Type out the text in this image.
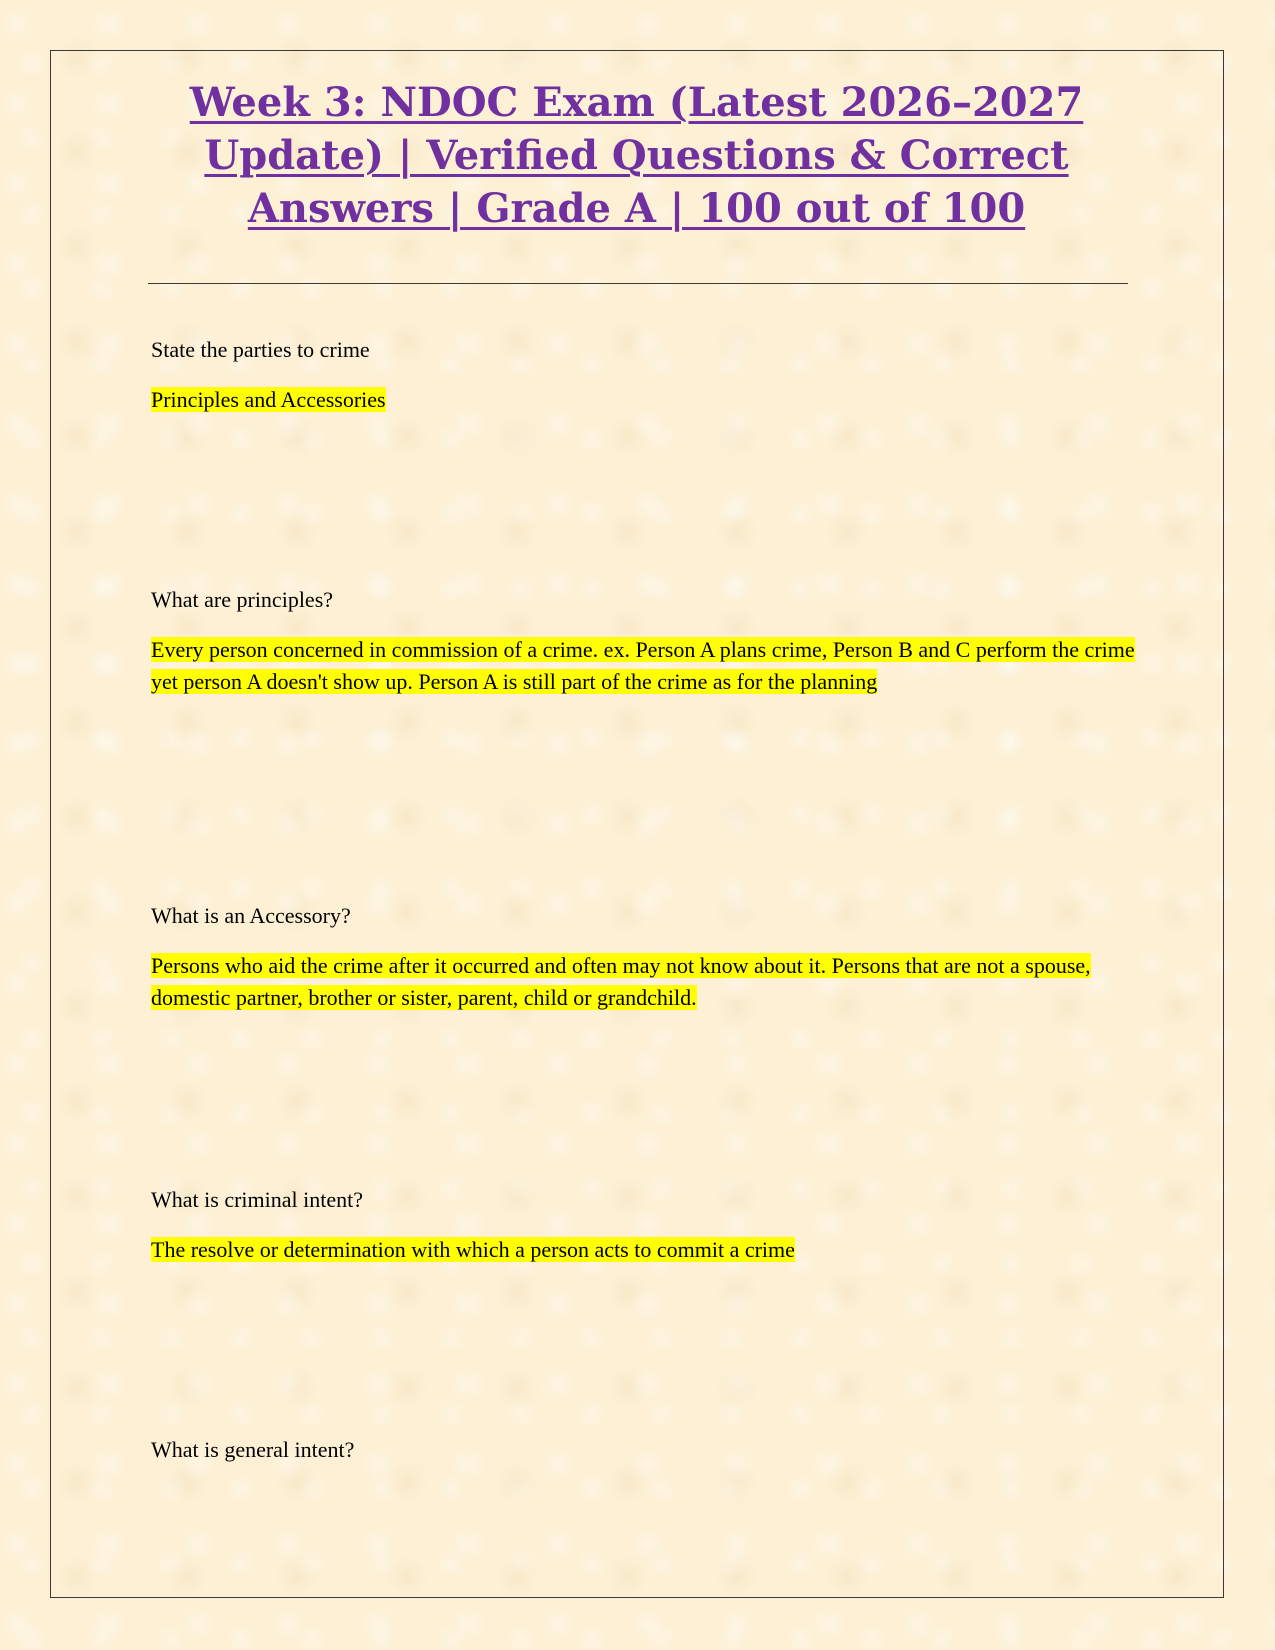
Week 3: NDOC Exam (Latest 2026–2027 Update) | Verified Questions & Correct Answers | Grade A | 100 out of 100

State the parties to crime

Principles and Accessories

What are principles?

Every person concerned in commission of a crime. ex. Person A plans crime, Person B and C perform the crime yet person A doesn't show up. Person A is still part of the crime as for the planning

What is an Accessory?

Persons who aid the crime after it occurred and often may not know about it. Persons that are not a spouse, domestic partner, brother or sister, parent, child or grandchild.

What is criminal intent?

The resolve or determination with which a person acts to commit a crime

What is general intent?
